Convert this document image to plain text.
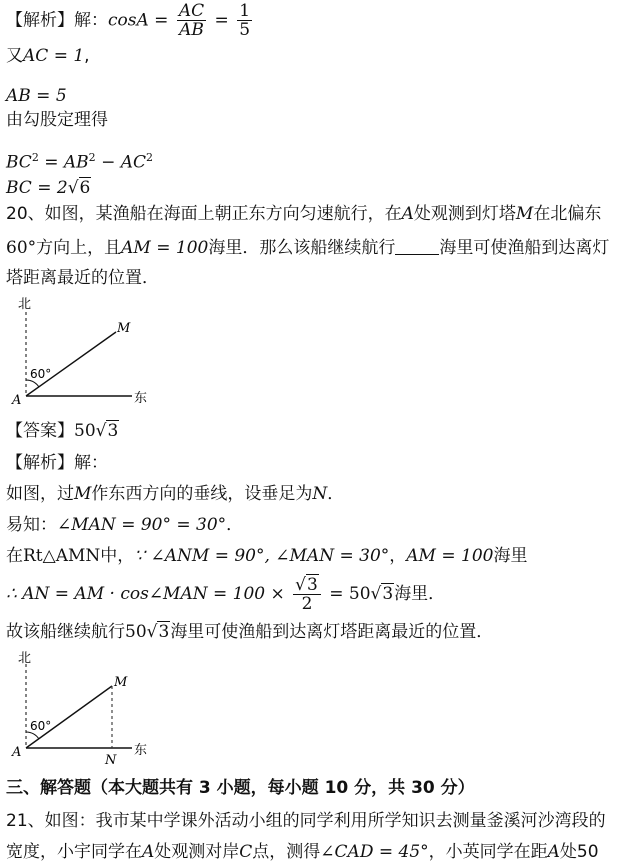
【解析】解：$\cos A = \frac{AC}{AB} = \frac{1}{5}$
又AC = 1,
AB = 5
由勾股定理得
$BC^2 = AB^2 - AC^2$
BC = 2√6
20、如图，某渔船在海面上朝正东方向匀速航行，在A处观测到灯塔M在北偏东
60°方向上，且AM = 100海里．那么该船继续航行	海里可使渔船到达离灯
塔距离最近的位置．
北
60°
M
A	东
【答案】50√3
【解析】解：
如图，过M作东西方向的垂线，设垂足为N．
易知：∠MAN = 90° = 30°．
在Rt△AMN中，∵ ∠ANM = 90°, ∠MAN = 30°，AM = 100海里
∴ AN = AM · cos∠MAN = $100 \times \frac{√3}{2} = 50√3$海里．
故该船继续航行50√3海里可使渔船到达离灯塔距离最近的位置．
北
60°
M
A
N
东
三、解答题（本大题共有 3 小题，每小题 10 分，共 30 分）
21、如图：我市某中学课外活动小组的同学利用所学知识去测量釜溪河沙湾段的
宽度，小宇同学在A处观测对岸C点，测得∠CAD = 45°，小英同学在距A处50
